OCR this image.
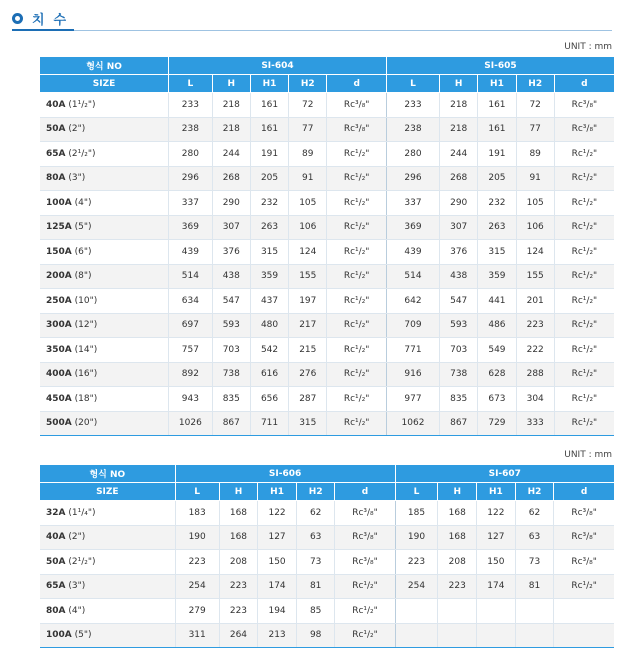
치수
UNIT : mm
형식 NO	SI-604					SI-605				
SIZE	L	H	H1	H2	d	L	H	H1	H2	d
40A (1¹/₂")	233	218	161	72	Rc³/₈"	233	218	161	72	Rc³/₈"
50A (2")	238	218	161	77	Rc³/₈"	238	218	161	77	Rc³/₈"
65A (2¹/₂")	280	244	191	89	Rc¹/₂"	280	244	191	89	Rc¹/₂"
80A (3")	296	268	205	91	Rc¹/₂"	296	268	205	91	Rc¹/₂"
100A (4")	337	290	232	105	Rc¹/₂"	337	290	232	105	Rc¹/₂"
125A (5")	369	307	263	106	Rc¹/₂"	369	307	263	106	Rc¹/₂"
150A (6")	439	376	315	124	Rc¹/₂"	439	376	315	124	Rc¹/₂"
200A (8")	514	438	359	155	Rc¹/₂"	514	438	359	155	Rc¹/₂"
250A (10")	634	547	437	197	Rc¹/₂"	642	547	441	201	Rc¹/₂"
300A (12")	697	593	480	217	Rc¹/₂"	709	593	486	223	Rc¹/₂"
350A (14")	757	703	542	215	Rc¹/₂"	771	703	549	222	Rc¹/₂"
400A (16")	892	738	616	276	Rc¹/₂"	916	738	628	288	Rc¹/₂"
450A (18")	943	835	656	287	Rc¹/₂"	977	835	673	304	Rc¹/₂"
500A (20")	1026	867	711	315	Rc¹/₂"	1062	867	729	333	Rc¹/₂"
UNIT : mm
형식 NO	SI-606					SI-607				
SIZE	L	H	H1	H2	d	L	H	H1	H2	d
32A (1¹/₄")	183	168	122	62	Rc³/₈"	185	168	122	62	Rc³/₈"
40A (2")	190	168	127	63	Rc³/₈"	190	168	127	63	Rc³/₈"
50A (2¹/₂")	223	208	150	73	Rc³/₈"	223	208	150	73	Rc³/₈"
65A (3")	254	223	174	81	Rc¹/₂"	254	223	174	81	Rc¹/₂"
80A (4")	279	223	194	85	Rc¹/₂"					
100A (5")	311	264	213	98	Rc¹/₂"					
